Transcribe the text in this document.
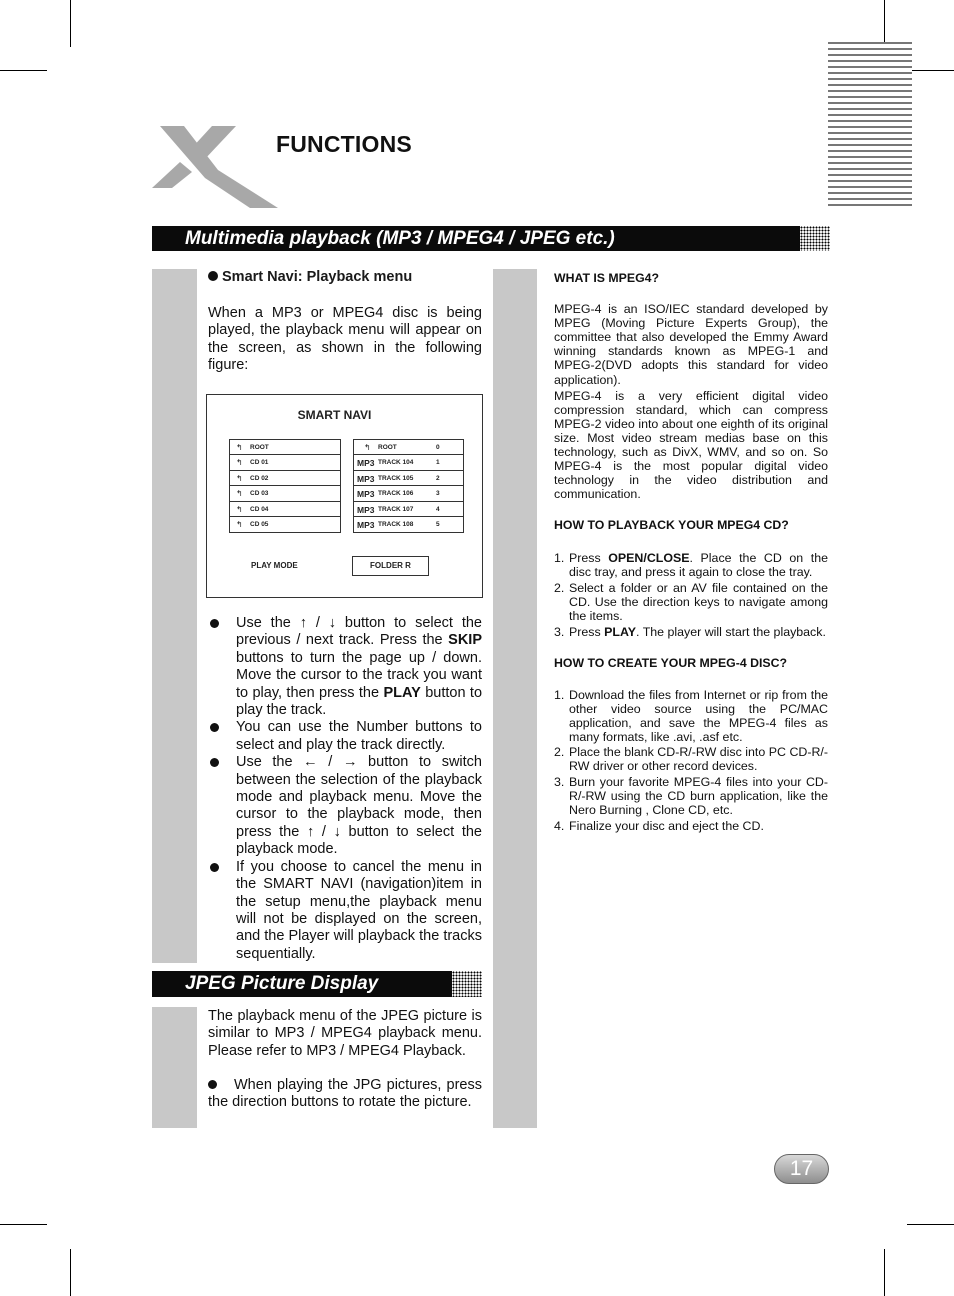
FUNCTIONS
Multimedia playback (MP3 / MPEG4 / JPEG etc.)
Smart Navi: Playback menu
When a MP3 or MPEG4 disc is being played, the playback menu will appear on the screen, as shown in the following figure:
SMART NAVI
↰ ROOT
↰ CD 01
↰ CD 02
↰ CD 03
↰ CD 04
↰ CD 05
↰ ROOT	0
MP3 TRACK 104	1
MP3 TRACK 105	2
MP3 TRACK 106	3
MP3 TRACK 107	4
MP3 TRACK 108	5
PLAY MODE	FOLDER R
Use the ↑ / ↓ button to select the previous / next track. Press the SKIP buttons to turn the page up / down. Move the cursor to the track you want to play, then press the PLAY button to play the track.
You can use the Number buttons to select and play the track directly.
Use the ← / → button to switch between the selection of the playback mode and playback menu. Move the cursor to the playback mode, then press the ↑ / ↓ button to select the playback mode.
If you choose to cancel the menu in the SMART NAVI (navigation)item in the setup menu,the playback menu will not be displayed on the screen, and the Player will playback the tracks sequentially.
JPEG Picture Display
The playback menu of the JPEG picture is similar to MP3 / MPEG4 playback menu. Please refer to MP3 / MPEG4 Playback.
When playing the JPG pictures, press the direction buttons to rotate the picture.

WHAT IS MPEG4?

MPEG-4 is an ISO/IEC standard developed by MPEG (Moving Picture Experts Group), the committee that also developed the Emmy Award winning standards known as MPEG-1 and MPEG-2(DVD adopts this standard for video application).

MPEG-4 is a very efficient digital video compression standard, which can compress MPEG-2 video into about one eighth of its original size. Most video stream medias base on this technology, such as DivX, WMV, and so on. So MPEG-4 is the most popular digital video technology in the video distribution and communication.

HOW TO PLAYBACK YOUR MPEG4 CD?

1. Press OPEN/CLOSE. Place the CD on the disc tray, and press it again to close the tray.
2. Select a folder or an AV file contained on the CD. Use the direction keys to navigate among the items.
3. Press PLAY. The player will start the playback.

HOW TO CREATE YOUR MPEG-4 DISC?

1. Download the files from Internet or rip from the other video source using the PC/MAC application, and save the MPEG-4 files as many formats, like .avi, .asf etc.
2. Place the blank CD-R/-RW disc into PC CD-R/-RW driver or other record devices.
3. Burn your favorite MPEG-4 files into your CD-R/-RW using the CD burn application, like the Nero Burning , Clone CD, etc.
4. Finalize your disc and eject the CD.
17
